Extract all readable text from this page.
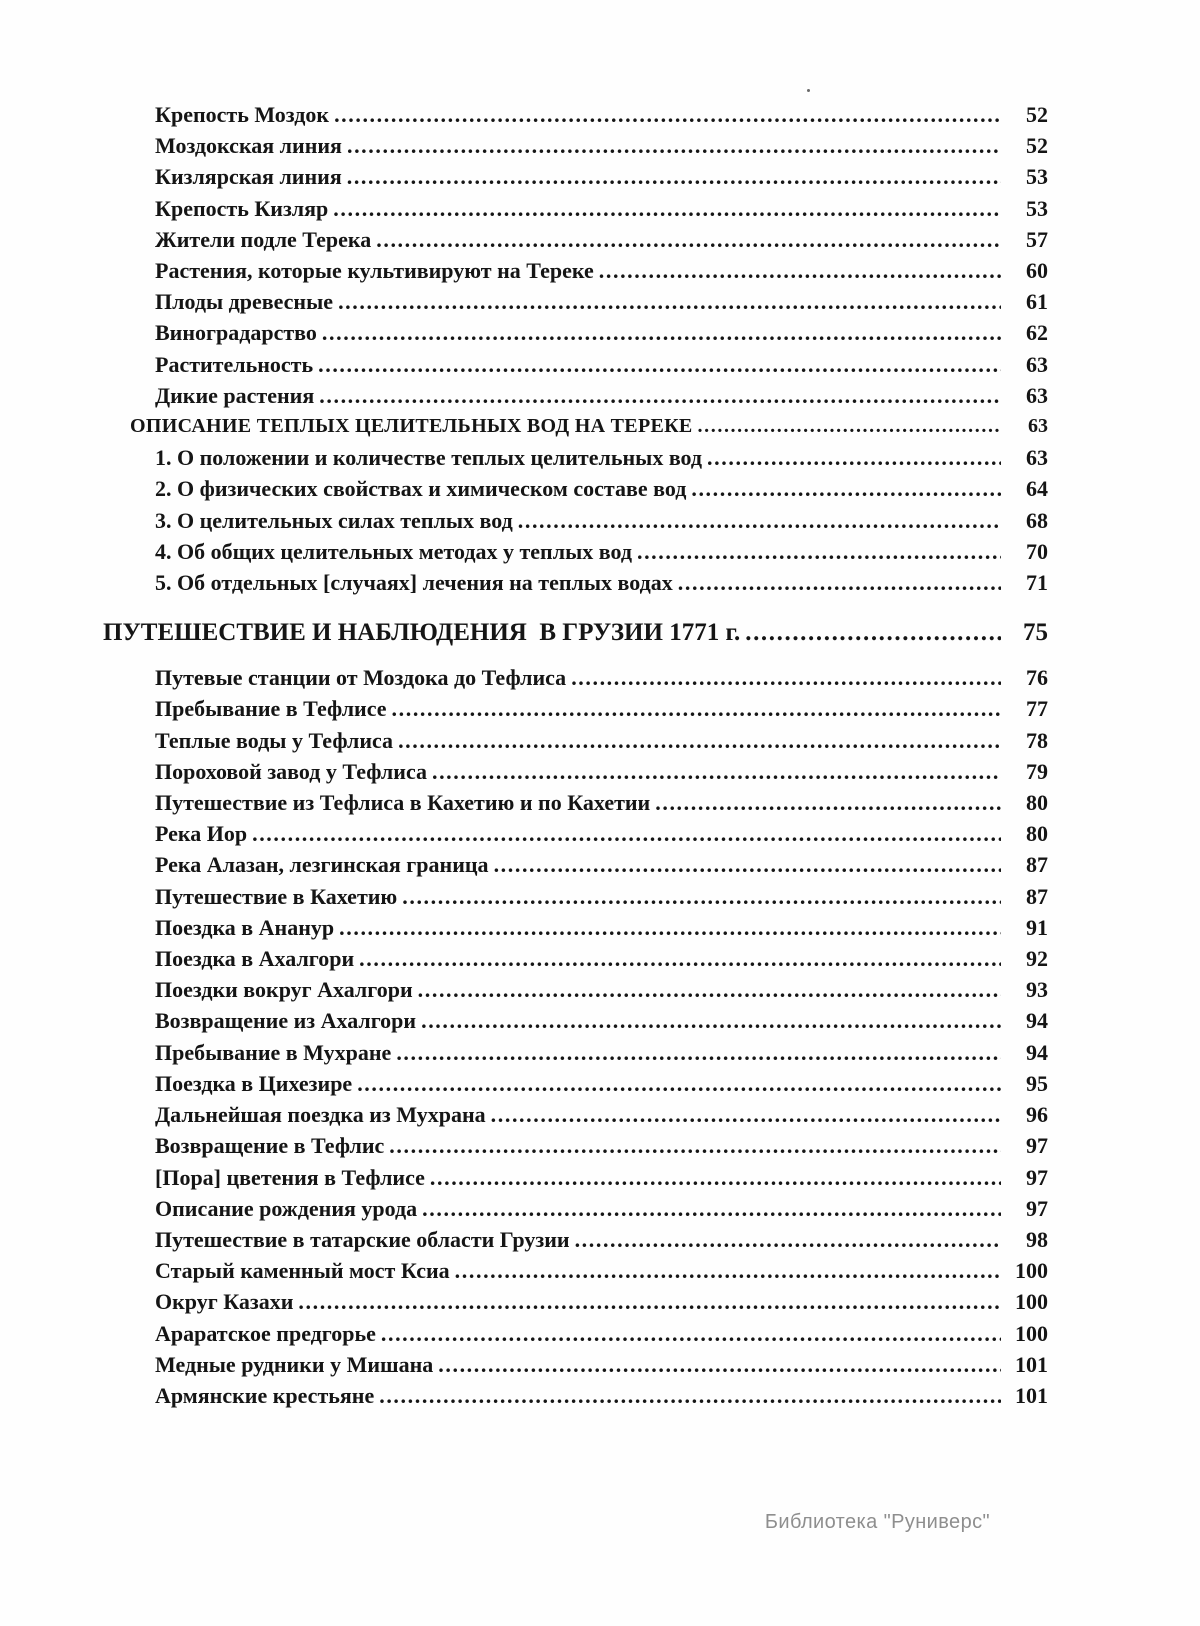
Крепость Моздок .....	52
Моздокская линия .....	52
Кизлярская линия .....	53
Крепость Кизляр .....	53
Жители подле Терека .....	57
Растения, которые культивируют на Тереке .....	60
Плоды древесные .....	61
Виноградарство .....	62
Растительность .....	63
Дикие растения .....	63
ОПИСАНИЕ ТЕПЛЫХ ЦЕЛИТЕЛЬНЫХ ВОД НА ТЕРЕКЕ .....	63
1. О положении и количестве теплых целительных вод .....	63
2. О физических свойствах и химическом составе вод .....	64
3. О целительных силах теплых вод .....	68
4. Об общих целительных методах у теплых вод .....	70
5. Об отдельных [случаях] лечения на теплых водах .....	71
ПУТЕШЕСТВИЕ И НАБЛЮДЕНИЯ  В ГРУЗИИ 1771 г. .....	75
Путевые станции от Моздока до Тефлиса .....	76
Пребывание в Тефлисе .....	77
Теплые воды у Тефлиса .....	78
Пороховой завод у Тефлиса .....	79
Путешествие из Тефлиса в Кахетию и по Кахетии .....	80
Река Иор .....	80
Река Алазан, лезгинская граница .....	87
Путешествие в Кахетию .....	87
Поездка в Ананур .....	91
Поездка в Ахалгори .....	92
Поездки вокруг Ахалгори .....	93
Возвращение из Ахалгори .....	94
Пребывание в Мухране .....	94
Поездка в Цихезире .....	95
Дальнейшая поездка из Мухрана .....	96
Возвращение в Тефлис .....	97
[Пора] цветения в Тефлисе .....	97
Описание рождения урода .....	97
Путешествие в татарские области Грузии .....	98
Старый каменный мост Ксиа .....	100
Округ Казахи .....	100
Араратское предгорье .....	100
Медные рудники у Мишана .....	101
Армянские крестьяне .....	101
Библиотека "Руниверс"
